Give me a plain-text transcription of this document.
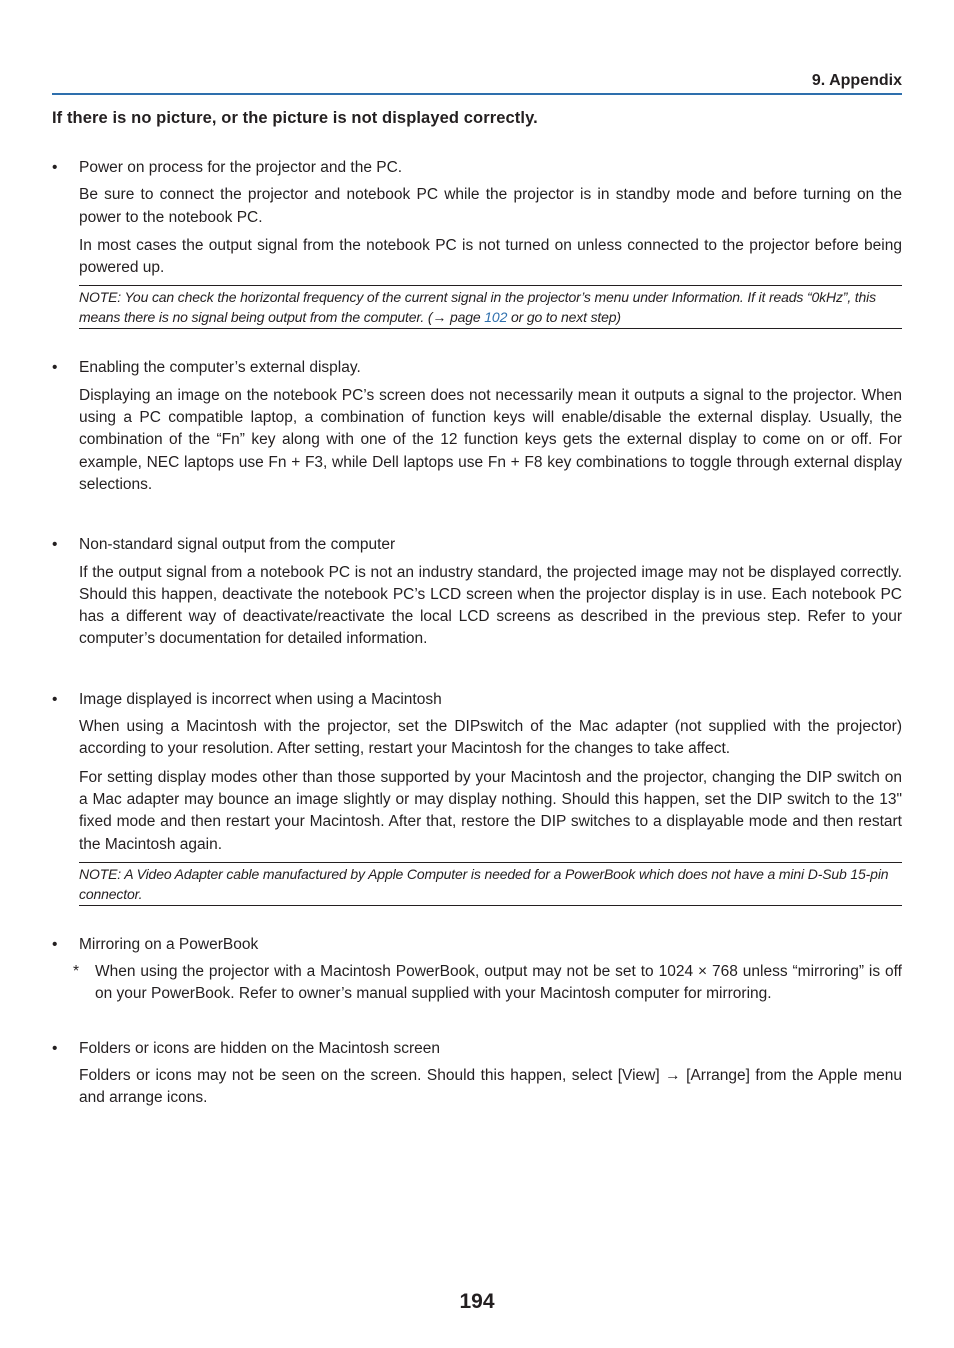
9. Appendix
If there is no picture, or the picture is not displayed correctly.
• Power on process for the projector and the PC.

Be sure to connect the projector and notebook PC while the projector is in standby mode and before turning on the power to the notebook PC.

In most cases the output signal from the notebook PC is not turned on unless connected to the projector before being powered up.

NOTE: You can check the horizontal frequency of the current signal in the projector’s menu under Information. If it reads “0kHz”, this means there is no signal being output from the computer. (→ page 102 or go to next step)
• Enabling the computer’s external display.

Displaying an image on the notebook PC’s screen does not necessarily mean it outputs a signal to the projector. When using a PC compatible laptop, a combination of function keys will enable/disable the external display. Usually, the combination of the “Fn” key along with one of the 12 function keys gets the external display to come on or off. For example, NEC laptops use Fn + F3, while Dell laptops use Fn + F8 key combinations to toggle through external display selections.

• Non-standard signal output from the computer

If the output signal from a notebook PC is not an industry standard, the projected image may not be displayed correctly. Should this happen, deactivate the notebook PC’s LCD screen when the projector display is in use. Each notebook PC has a different way of deactivate/reactivate the local LCD screens as described in the previous step. Refer to your computer’s documentation for detailed information.

• Image displayed is incorrect when using a Macintosh

When using a Macintosh with the projector, set the DIPswitch of the Mac adapter (not supplied with the projector) according to your resolution. After setting, restart your Macintosh for the changes to take affect.

For setting display modes other than those supported by your Macintosh and the projector, changing the DIP switch on a Mac adapter may bounce an image slightly or may display nothing. Should this happen, set the DIP switch to the 13" fixed mode and then restart your Macintosh. After that, restore the DIP switches to a displayable mode and then restart the Macintosh again.

NOTE: A Video Adapter cable manufactured by Apple Computer is needed for a PowerBook which does not have a mini D-Sub 15-pin connector.
• Mirroring on a PowerBook
* When using the projector with a Macintosh PowerBook, output may not be set to 1024 × 768 unless “mirroring” is off on your PowerBook. Refer to owner’s manual supplied with your Macintosh computer for mirroring.
• Folders or icons are hidden on the Macintosh screen

Folders or icons may not be seen on the screen. Should this happen, select [View] → [Arrange] from the Apple menu and arrange icons.

194
